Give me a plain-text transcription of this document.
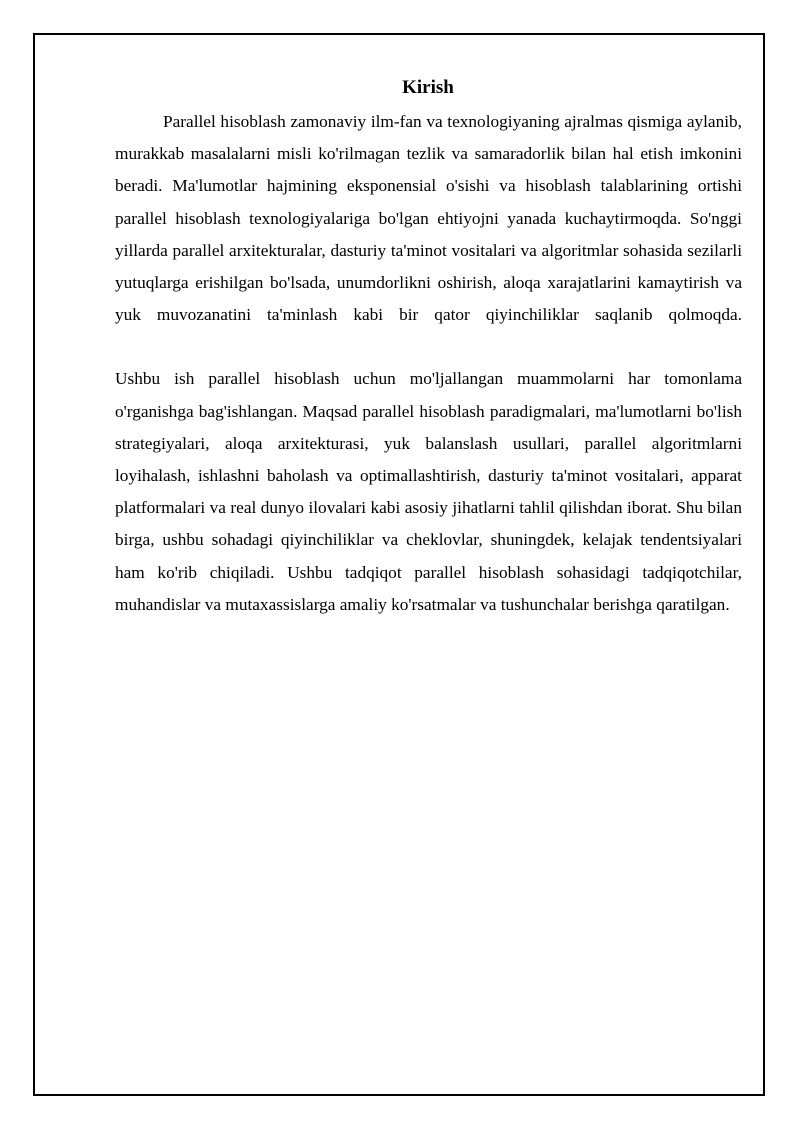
Kirish

Parallel hisoblash zamonaviy ilm-fan va texnologiyaning ajralmas qismiga aylanib, murakkab masalalarni misli ko'rilmagan tezlik va samaradorlik bilan hal etish imkonini beradi. Ma'lumotlar hajmining eksponensial o'sishi va hisoblash talablarining ortishi parallel hisoblash texnologiyalariga bo'lgan ehtiyojni yanada kuchaytirmoqda. So'nggi yillarda parallel arxitekturalar, dasturiy ta'minot vositalari va algoritmlar sohasida sezilarli yutuqlarga erishilgan bo'lsada, unumdorlikni oshirish, aloqa xarajatlarini kamaytirish va yuk muvozanatini ta'minlash kabi bir qator qiyinchiliklar saqlanib qolmoqda.

Ushbu ish parallel hisoblash uchun mo'ljallangan muammolarni har tomonlama o'rganishga bag'ishlangan. Maqsad parallel hisoblash paradigmalari, ma'lumotlarni bo'lish strategiyalari, aloqa arxitekturasi, yuk balanslash usullari, parallel algoritmlarni loyihalash, ishlashni baholash va optimallashtirish, dasturiy ta'minot vositalari, apparat platformalari va real dunyo ilovalari kabi asosiy jihatlarni tahlil qilishdan iborat. Shu bilan birga, ushbu sohadagi qiyinchiliklar va cheklovlar, shuningdek, kelajak tendentsiyalari ham ko'rib chiqiladi. Ushbu tadqiqot parallel hisoblash sohasidagi tadqiqotchilar, muhandislar va mutaxassislarga amaliy ko'rsatmalar va tushunchalar berishga qaratilgan.
